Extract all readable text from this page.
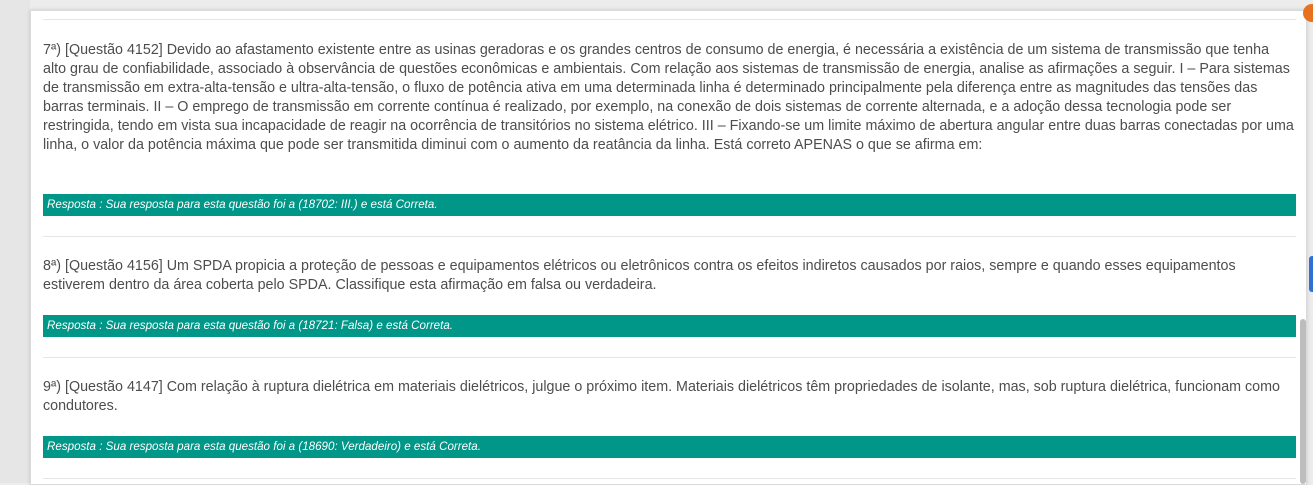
7ª) [Questão 4152] Devido ao afastamento existente entre as usinas geradoras e os grandes centros de consumo de energia, é necessária a existência de um sistema de transmissão que tenha alto grau de confiabilidade, associado à observância de questões econômicas e ambientais. Com relação aos sistemas de transmissão de energia, analise as afirmações a seguir. I – Para sistemas de transmissão em extra-alta-tensão e ultra-alta-tensão, o fluxo de potência ativa em uma determinada linha é determinado principalmente pela diferença entre as magnitudes das tensões das barras terminais. II – O emprego de transmissão em corrente contínua é realizado, por exemplo, na conexão de dois sistemas de corrente alternada, e a adoção dessa tecnologia pode ser restringida, tendo em vista sua incapacidade de reagir na ocorrência de transitórios no sistema elétrico. III – Fixando-se um limite máximo de abertura angular entre duas barras conectadas por uma linha, o valor da potência máxima que pode ser transmitida diminui com o aumento da reatância da linha. Está correto APENAS o que se afirma em:

Resposta : Sua resposta para esta questão foi a (18702: III.) e está Correta.

8ª) [Questão 4156] Um SPDA propicia a proteção de pessoas e equipamentos elétricos ou eletrônicos contra os efeitos indiretos causados por raios, sempre e quando esses equipamentos estiverem dentro da área coberta pelo SPDA. Classifique esta afirmação em falsa ou verdadeira.

Resposta : Sua resposta para esta questão foi a (18721: Falsa) e está Correta.

9ª) [Questão 4147] Com relação à ruptura dielétrica em materiais dielétricos, julgue o próximo item. Materiais dielétricos têm propriedades de isolante, mas, sob ruptura dielétrica, funcionam como condutores.

Resposta : Sua resposta para esta questão foi a (18690: Verdadeiro) e está Correta.
